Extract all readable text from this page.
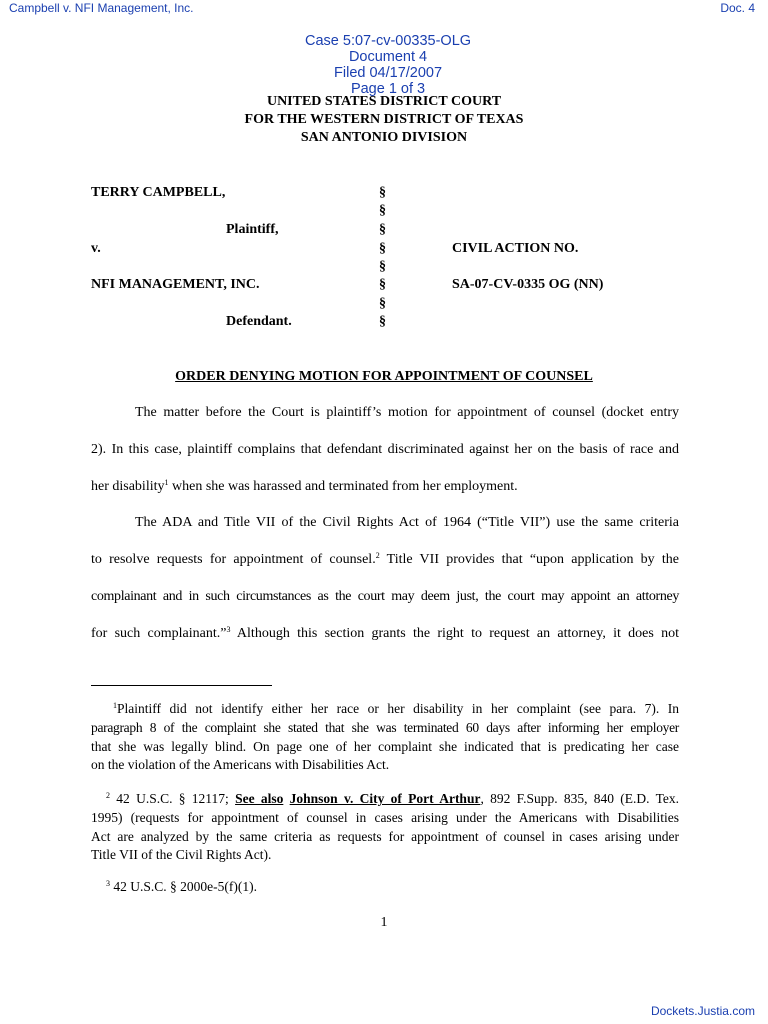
Campbell v. NFI Management, Inc.	Doc. 4

Case 5:07-cv-00335-OLG
Document 4
Filed 04/17/2007
Page 1 of 3

UNITED STATES DISTRICT COURT
FOR THE WESTERN DISTRICT OF TEXAS
SAN ANTONIO DIVISION
TERRY CAMPBELL,
Plaintiff,
v.
NFI MANAGEMENT, INC.
Defendant.
CIVIL ACTION NO.
SA-07-CV-0335 OG (NN)
§
§
§
§
§
§
§
§
ORDER DENYING MOTION FOR APPOINTMENT OF COUNSEL
The matter before the Court is plaintiff’s motion for appointment of counsel (docket entry
2). In this case, plaintiff complains that defendant discriminated against her on the basis of race and
her disability$^1$ when she was harassed and terminated from her employment.
The ADA and Title VII of the Civil Rights Act of 1964 (“Title VII”) use the same criteria
to resolve requests for appointment of counsel.$^2$ Title VII provides that “upon application by the
complainant and in such circumstances as the court may deem just, the court may appoint an attorney
for such complainant.”$^3$ Although this section grants the right to request an attorney, it does not
$^1$Plaintiff did not identify either her race or her disability in her complaint (see para. 7). In
paragraph 8 of the complaint she stated that she was terminated 60 days after informing her employer
that she was legally blind. On page one of her complaint she indicated that is predicating her case
on the violation of the Americans with Disabilities Act.
$^2$ 42 U.S.C. § 12117; See also Johnson v. City of Port Arthur, 892 F.Supp. 835, 840 (E.D. Tex.
1995) (requests for appointment of counsel in cases arising under the Americans with Disabilities
Act are analyzed by the same criteria as requests for appointment of counsel in cases arising under
Title VII of the Civil Rights Act).
$^3$ 42 U.S.C. § 2000e-5(f)(1).
1
Dockets.Justia.com
